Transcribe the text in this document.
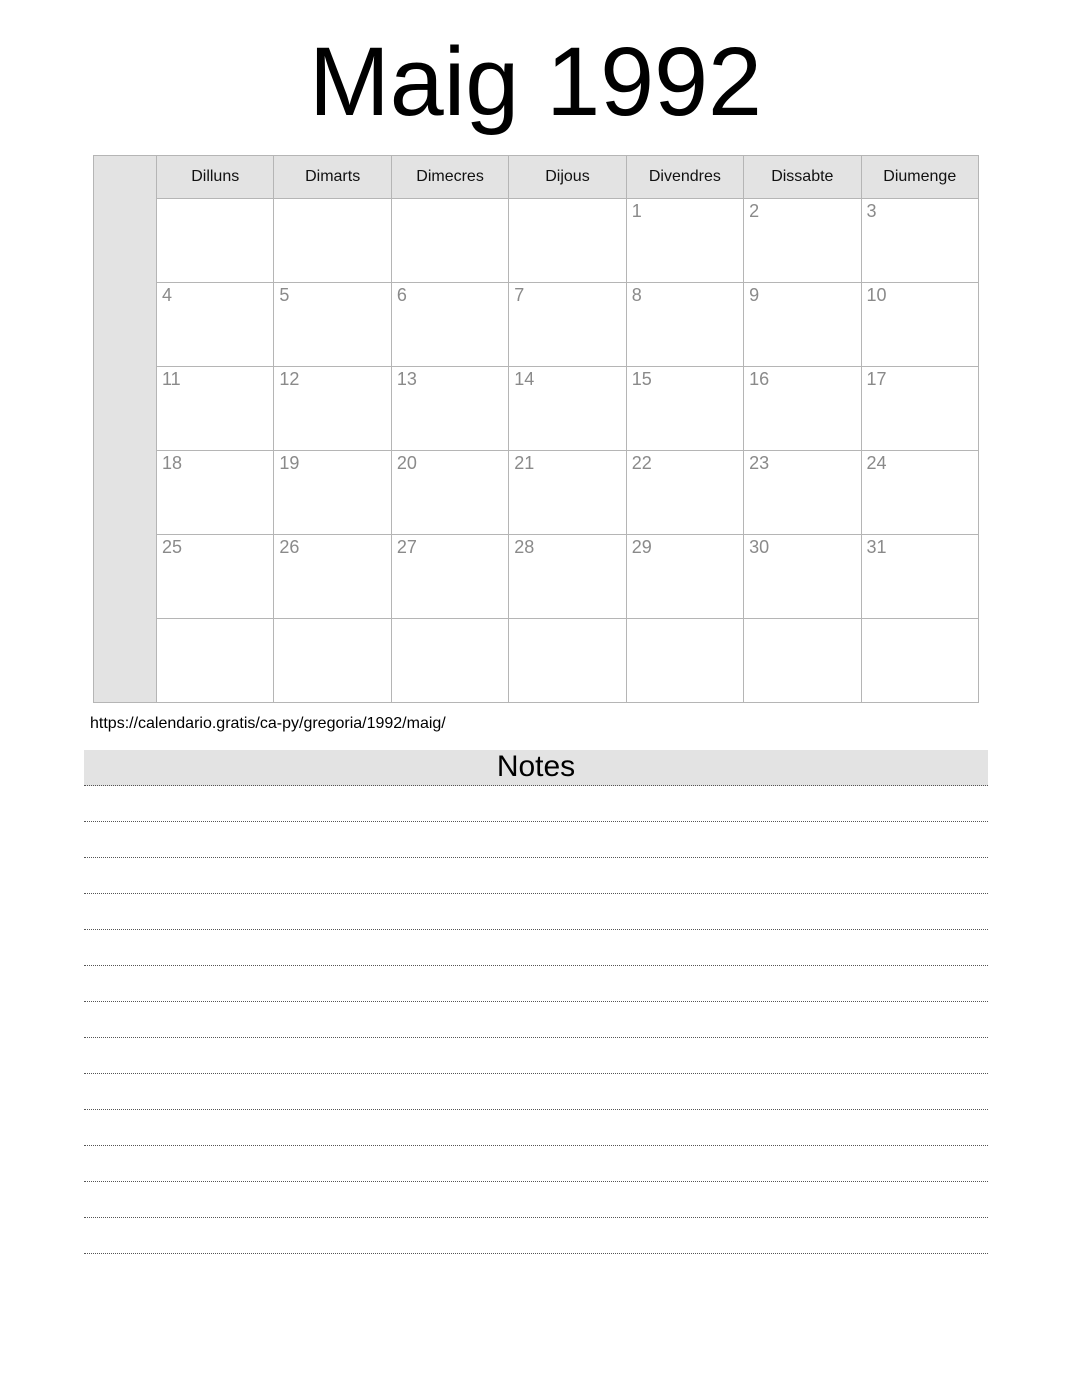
Maig 1992
	Dilluns	Dimarts	Dimecres	Dijous	Divendres	Dissabte	Diumenge
					1	2	3
	4	5	6	7	8	9	10
	11	12	13	14	15	16	17
	18	19	20	21	22	23	24
	25	26	27	28	29	30	31

https://calendario.gratis/ca-py/gregoria/1992/maig/
Notes
